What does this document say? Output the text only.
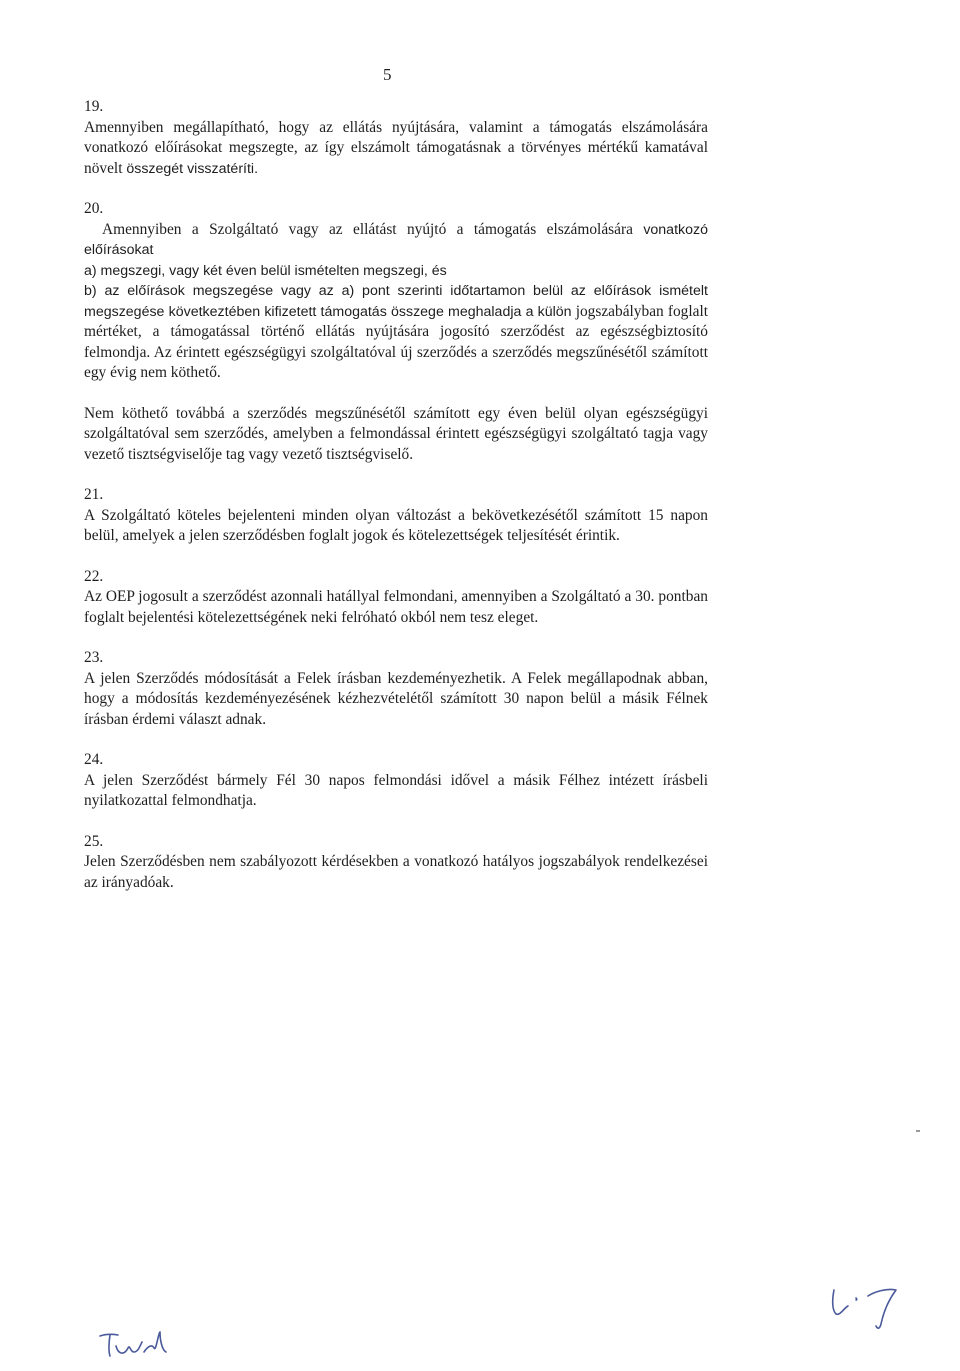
5
19.

Amennyiben megállapítható, hogy az ellátás nyújtására, valamint a támogatás elszámolására vonatkozó előírásokat megszegte, az így elszámolt támogatásnak a törvényes mértékű kamatával növelt összegét visszatéríti.

20.

Amennyiben a Szolgáltató vagy az ellátást nyújtó a támogatás elszámolására vonatkozó előírásokat

a) megszegi, vagy két éven belül ismételten megszegi, és

b) az előírások megszegése vagy az a) pont szerinti időtartamon belül az előírások ismételt megszegése következtében kifizetett támogatás összege meghaladja a külön jogszabályban foglalt mértéket, a támogatással történő ellátás nyújtására jogosító szerződést az egészségbiztosító felmondja. Az érintett egészségügyi szolgáltatóval új szerződés a szerződés megszűnésétől számított egy évig nem köthető.

Nem köthető továbbá a szerződés megszűnésétől számított egy éven belül olyan egészségügyi szolgáltatóval sem szerződés, amelyben a felmondással érintett egészségügyi szolgáltató tagja vagy vezető tisztségviselője tag vagy vezető tisztségviselő.

21.

A Szolgáltató köteles bejelenteni minden olyan változást a bekövetkezésétől számított 15 napon belül, amelyek a jelen szerződésben foglalt jogok és kötelezettségek teljesítését érintik.

22.

Az OEP jogosult a szerződést azonnali hatállyal felmondani, amennyiben a Szolgáltató a 30. pontban foglalt bejelentési kötelezettségének neki felróható okból nem tesz eleget.

23.

A jelen Szerződés módosítását a Felek írásban kezdeményezhetik. A Felek megállapodnak abban, hogy a módosítás kezdeményezésének kézhezvételétől számított 30 napon belül a másik Félnek írásban érdemi választ adnak.

24.

A jelen Szerződést bármely Fél 30 napos felmondási idővel a másik Félhez intézett írásbeli nyilatkozattal felmondhatja.

25.

Jelen Szerződésben nem szabályozott kérdésekben a vonatkozó hatályos jogszabályok rendelkezései az irányadóak.
